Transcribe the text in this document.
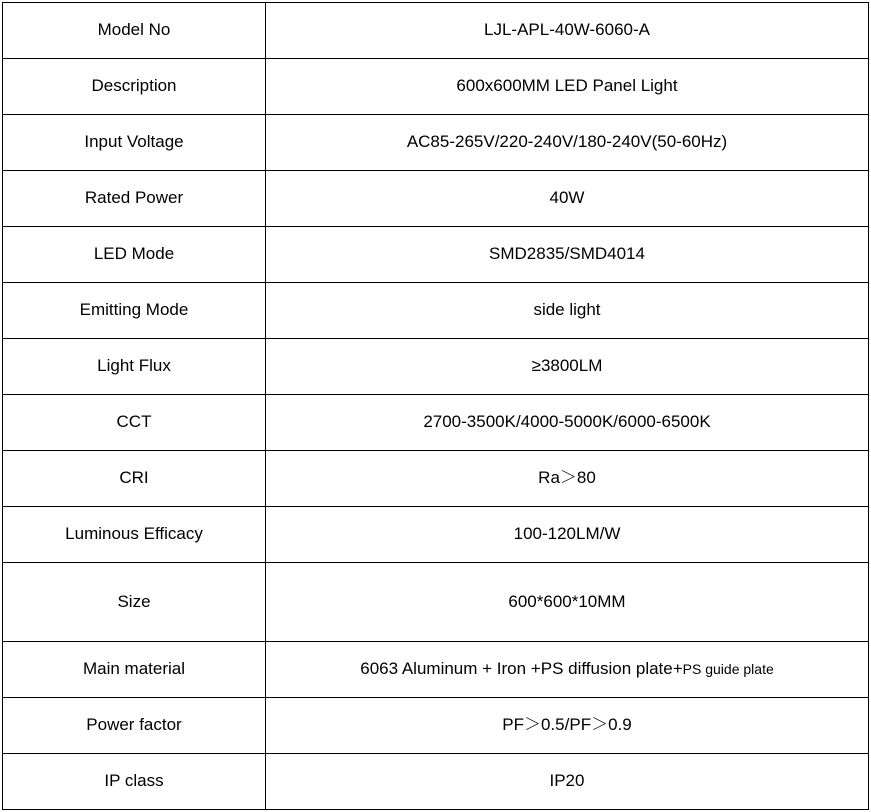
Model No	LJL-APL-40W-6060-A
Description	600x600MM LED Panel Light
Input Voltage	AC85-265V/220-240V/180-240V(50-60Hz)
Rated Power	40W
LED Mode	SMD2835/SMD4014
Emitting Mode	side light
Light Flux	≥3800LM
CCT	2700-3500K/4000-5000K/6000-6500K
CRI	Ra＞80
Luminous Efficacy	100-120LM/W
Size	600*600*10MM
Main material	6063 Aluminum + Iron +PS diffusion plate+PS guide plate
Power factor	PF＞0.5/PF＞0.9
IP class	IP20
